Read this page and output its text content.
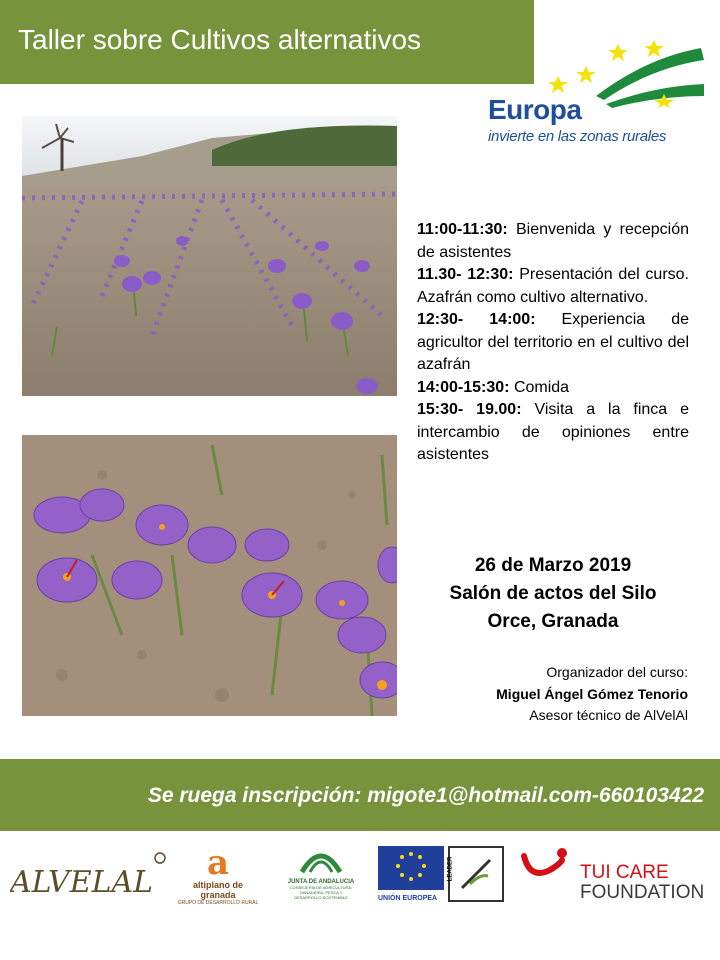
Taller sobre Cultivos alternativos
Europa
invierte en las zonas rurales

11:00-11:30: Bienvenida y recepción de asistentes

11.30- 12:30: Presentación del curso. Azafrán como cultivo alternativo.

12:30- 14:00: Experiencia de agricultor del territorio en el cultivo del azafrán

14:00-15:30: Comida

15:30- 19.00: Visita a la finca e intercambio de opiniones entre asistentes

26 de Marzo 2019
Salón de actos del Silo
Orce, Granada
Organizador del curso:
Miguel Ángel Gómez Tenorio
Asesor técnico de AlVelAl
Se ruega inscripción: migote1@hotmail.com-660103422
ALVELAL	a
altiplano de granada
GRUPO DE DESARROLLO RURAL
JUNTA DE ANDALUCIA
CONSEJERÍA DE AGRICULTURA, GANADERÍA, PESCA Y DESARROLLO SOSTENIBLE	UNIÓN EUROPEA
LEADER	TUI CARE
FOUNDATION
